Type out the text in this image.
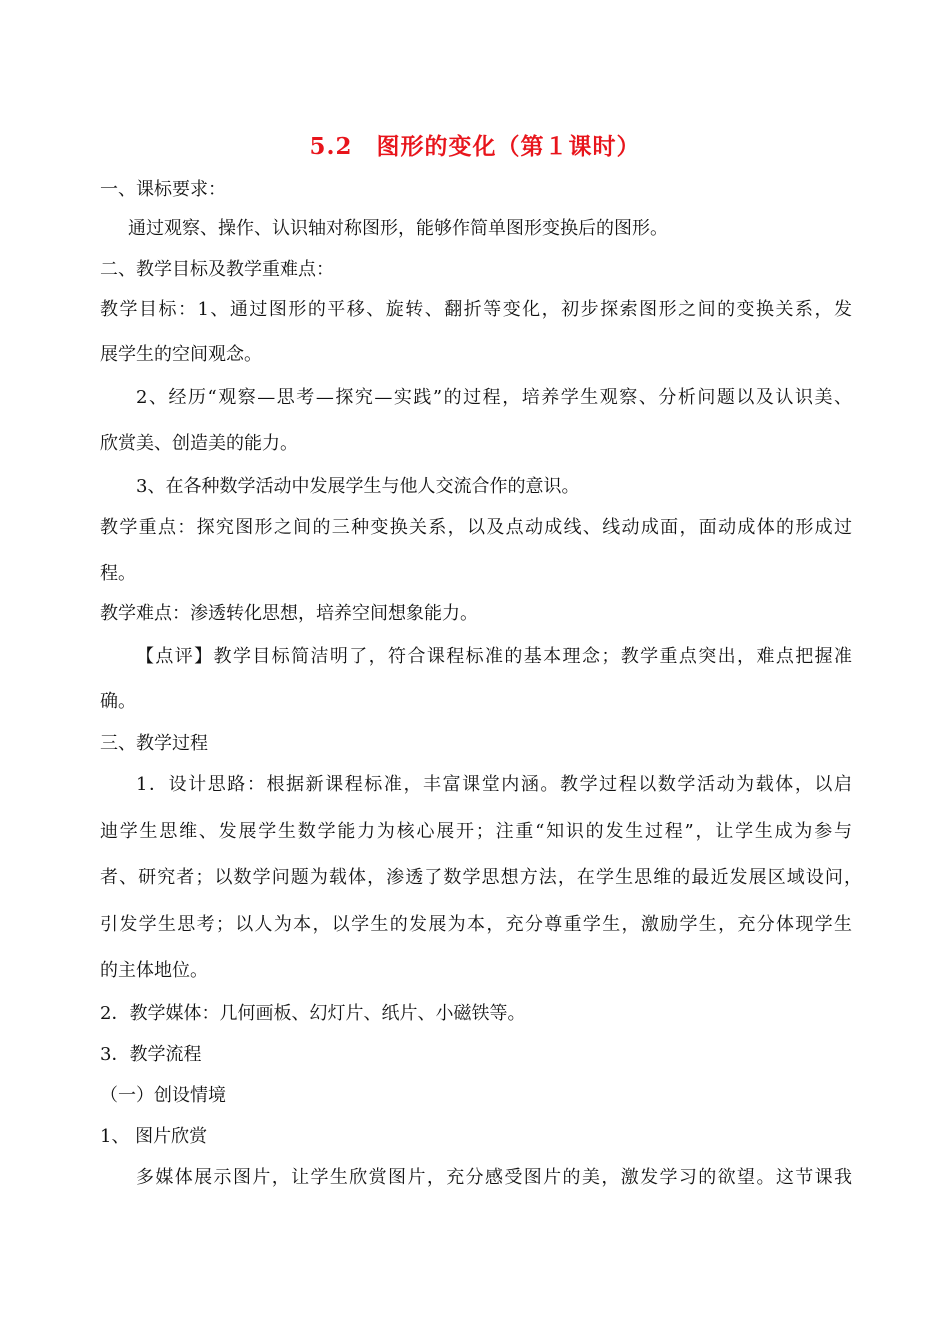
5.2　图形的变化（第１课时）
一、课标要求：
通过观察、操作、认识轴对称图形，能够作简单图形变换后的图形。
二、教学目标及教学重难点：
教学目标：1、通过图形的平移、旋转、翻折等变化，初步探索图形之间的变换关系，发
展学生的空间观念。
2、经历“观察—思考—探究—实践”的过程，培养学生观察、分析问题以及认识美、
欣赏美、创造美的能力。
3、在各种数学活动中发展学生与他人交流合作的意识。
教学重点：探究图形之间的三种变换关系，以及点动成线、线动成面，面动成体的形成过
程。
教学难点：渗透转化思想，培养空间想象能力。
【点评】教学目标简洁明了，符合课程标准的基本理念；教学重点突出，难点把握准
确。
三、教学过程
1．设计思路：根据新课程标准，丰富课堂内涵。教学过程以数学活动为载体，以启
迪学生思维、发展学生数学能力为核心展开；注重“知识的发生过程”，让学生成为参与
者、研究者；以数学问题为载体，渗透了数学思想方法，在学生思维的最近发展区域设问，
引发学生思考；以人为本，以学生的发展为本，充分尊重学生，激励学生，充分体现学生
的主体地位。
2．教学媒体：几何画板、幻灯片、纸片、小磁铁等。
3．教学流程
（一）创设情境
1、 图片欣赏
多媒体展示图片，让学生欣赏图片，充分感受图片的美，激发学习的欲望。这节课我
